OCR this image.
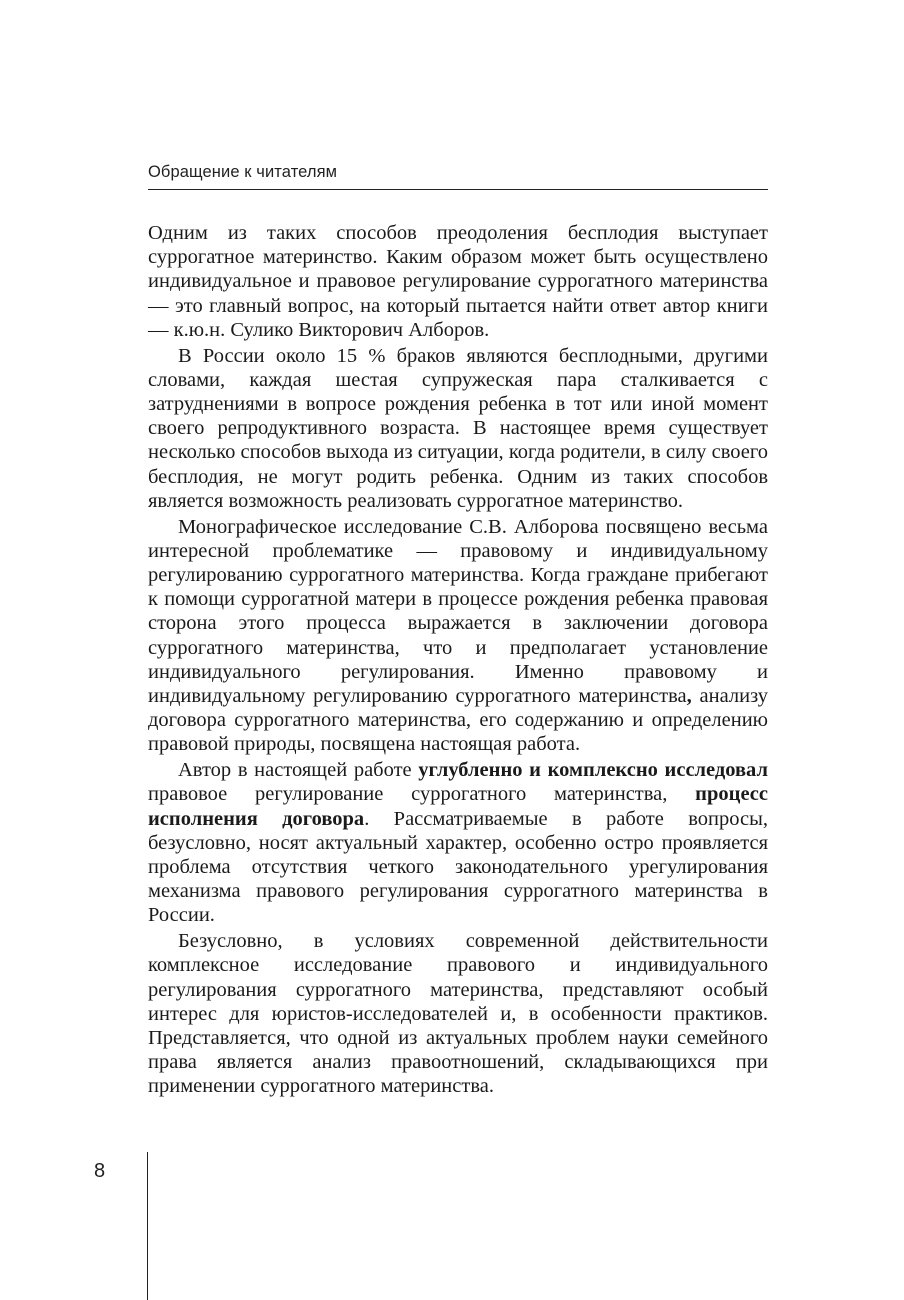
Обращение к читателям

Одним из таких способов преодоления бесплодия выступает суррогатное материнство. Каким образом может быть осуществлено индивидуальное и правовое регулирование суррогатного материнства — это главный вопрос, на который пытается найти ответ автор книги — к.ю.н. Сулико Викторович Алборов.

В России около 15 % браков являются бесплодными, другими словами, каждая шестая супружеская пара сталкивается с затруднениями в вопросе рождения ребенка в тот или иной момент своего репродуктивного возраста. В настоящее время существует несколько способов выхода из ситуации, когда родители, в силу своего бесплодия, не могут родить ребенка. Одним из таких способов является возможность реализовать суррогатное материнство.

Монографическое исследование С.В. Алборова посвящено весьма интересной проблематике — правовому и индивидуальному регулированию суррогатного материнства. Когда граждане прибегают к помощи суррогатной матери в процессе рождения ребенка правовая сторона этого процесса выражается в заключении договора суррогатного материнства, что и предполагает установление индивидуального регулирования. Именно правовому и индивидуальному регулированию суррогатного материнства, анализу договора суррогатного материнства, его содержанию и определению правовой природы, посвящена настоящая работа.

Автор в настоящей работе углубленно и комплексно исследовал правовое регулирование суррогатного материнства, процесс исполнения договора. Рассматриваемые в работе вопросы, безусловно, носят актуальный характер, особенно остро проявляется проблема отсутствия четкого законодательного урегулирования механизма правового регулирования суррогатного материнства в России.

Безусловно, в условиях современной действительности комплексное исследование правового и индивидуального регулирования суррогатного материнства, представляют особый интерес для юристов-исследователей и, в особенности практиков. Представляется, что одной из актуальных проблем науки семейного права является анализ правоотношений, складывающихся при применении суррогатного материнства.

8
